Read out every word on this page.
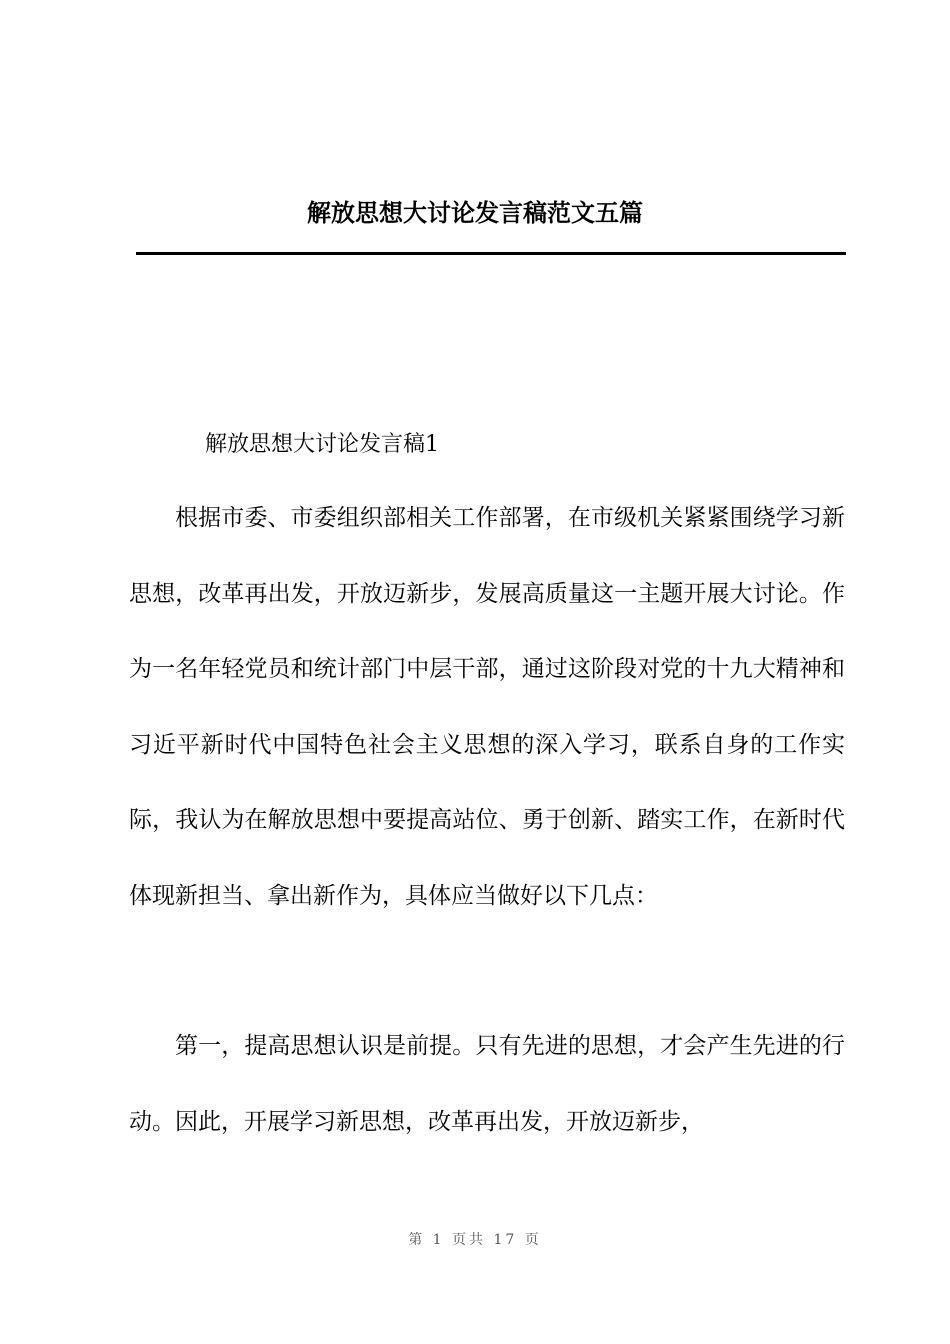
解放思想大讨论发言稿范文五篇
解放思想大讨论发言稿1

根据市委、市委组织部相关工作部署，在市级机关紧紧围绕学习新思想，改革再出发，开放迈新步，发展高质量这一主题开展大讨论。作为一名年轻党员和统计部门中层干部，通过这阶段对党的十九大精神和习近平新时代中国特色社会主义思想的深入学习，联系自身的工作实际，我认为在解放思想中要提高站位、勇于创新、踏实工作，在新时代体现新担当、拿出新作为，具体应当做好以下几点：

第一，提高思想认识是前提。只有先进的思想，才会产生先进的行动。因此，开展学习新思想，改革再出发，开放迈新步，

第 1 页共 17 页
